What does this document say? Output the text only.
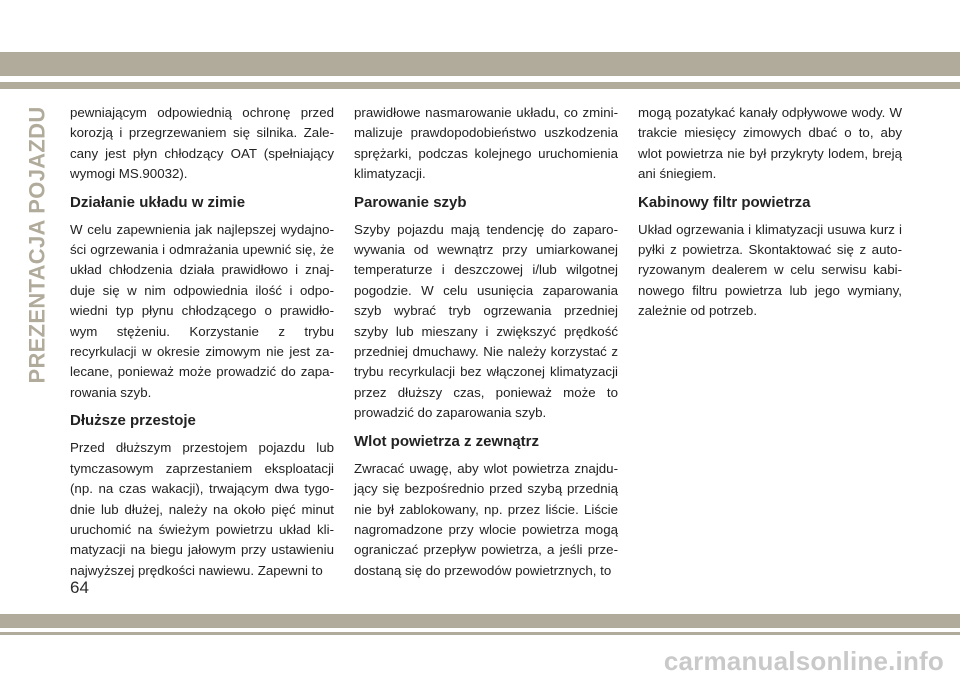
PREZENTACJA POJAZDU pewniającym odpowiednią ochronę przed korozją i przegrzewaniem się silnika. Zalecany jest płyn chłodzący OAT (spełniający wymogi MS.90032).

Działanie układu w zimie

W celu zapewnienia jak najlepszej wydajności ogrzewania i odmrażania upewnić się, że układ chłodzenia działa prawidłowo i znajduje się w nim odpowiednia ilość i odpowiedni typ płynu chłodzącego o prawidłowym stężeniu. Korzystanie z trybu recyrkulacji w okresie zimowym nie jest zalecane, ponieważ może prowadzić do zaparowania szyb.

Dłuższe przestoje

Przed dłuższym przestojem pojazdu lub tymczasowym zaprzestaniem eksploatacji (np. na czas wakacji), trwającym dwa tygodnie lub dłużej, należy na około pięć minut uruchomić na świeżym powietrzu układ klimatyzacji na biegu jałowym przy ustawieniu najwyższej prędkości nawiewu. Zapewni to

prawidłowe nasmarowanie układu, co zminimalizuje prawdopodobieństwo uszkodzenia sprężarki, podczas kolejnego uruchomienia klimatyzacji.

Parowanie szyb

Szyby pojazdu mają tendencję do zaparowywania od wewnątrz przy umiarkowanej temperaturze i deszczowej i/lub wilgotnej pogodzie. W celu usunięcia zaparowania szyb wybrać tryb ogrzewania przedniej szyby lub mieszany i zwiększyć prędkość przedniej dmuchawy. Nie należy korzystać z trybu recyrkulacji bez włączonej klimatyzacji przez dłuższy czas, ponieważ może to prowadzić do zaparowania szyb.

Wlot powietrza z zewnątrz

Zwracać uwagę, aby wlot powietrza znajdujący się bezpośrednio przed szybą przednią nie był zablokowany, np. przez liście. Liście nagromadzone przy wlocie powietrza mogą ograniczać przepływ powietrza, a jeśli przedostaną się do przewodów powietrznych, to

mogą pozatykać kanały odpływowe wody. W trakcie miesięcy zimowych dbać o to, aby wlot powietrza nie był przykryty lodem, breją ani śniegiem.

Kabinowy filtr powietrza

Układ ogrzewania i klimatyzacji usuwa kurz i pyłki z powietrza. Skontaktować się z autoryzowanym dealerem w celu serwisu kabinowego filtru powietrza lub jego wymiany, zależnie od potrzeb.

64
carmanualsonline.info
